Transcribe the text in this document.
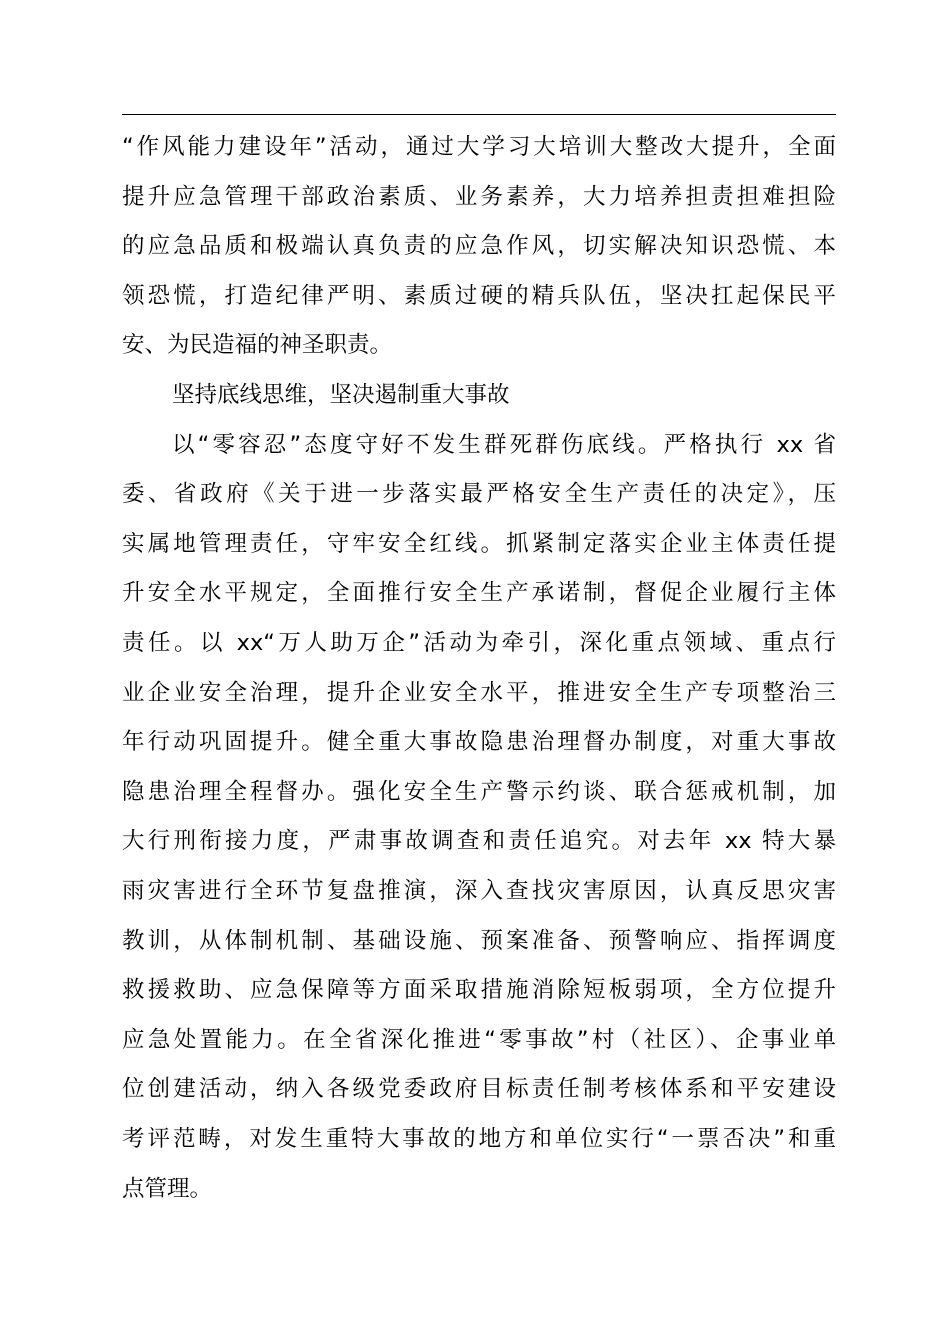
“作风能力建设年”活动，通过大学习大培训大整改大提升，全面
提升应急管理干部政治素质、业务素养，大力培养担责担难担险
的应急品质和极端认真负责的应急作风，切实解决知识恐慌、本
领恐慌，打造纪律严明、素质过硬的精兵队伍，坚决扛起保民平
安、为民造福的神圣职责。
坚持底线思维，坚决遏制重大事故
以“零容忍”态度守好不发生群死群伤底线。严格执行 xx 省
委、省政府《关于进一步落实最严格安全生产责任的决定》，压
实属地管理责任，守牢安全红线。抓紧制定落实企业主体责任提
升安全水平规定，全面推行安全生产承诺制，督促企业履行主体
责任。以 xx“万人助万企”活动为牵引，深化重点领域、重点行
业企业安全治理，提升企业安全水平，推进安全生产专项整治三
年行动巩固提升。健全重大事故隐患治理督办制度，对重大事故
隐患治理全程督办。强化安全生产警示约谈、联合惩戒机制，加
大行刑衔接力度，严肃事故调查和责任追究。对去年 xx 特大暴
雨灾害进行全环节复盘推演，深入查找灾害原因，认真反思灾害
教训，从体制机制、基础设施、预案准备、预警响应、指挥调度
救援救助、应急保障等方面采取措施消除短板弱项，全方位提升
应急处置能力。在全省深化推进“零事故”村（社区）、企事业单
位创建活动，纳入各级党委政府目标责任制考核体系和平安建设
考评范畴，对发生重特大事故的地方和单位实行“一票否决”和重
点管理。
